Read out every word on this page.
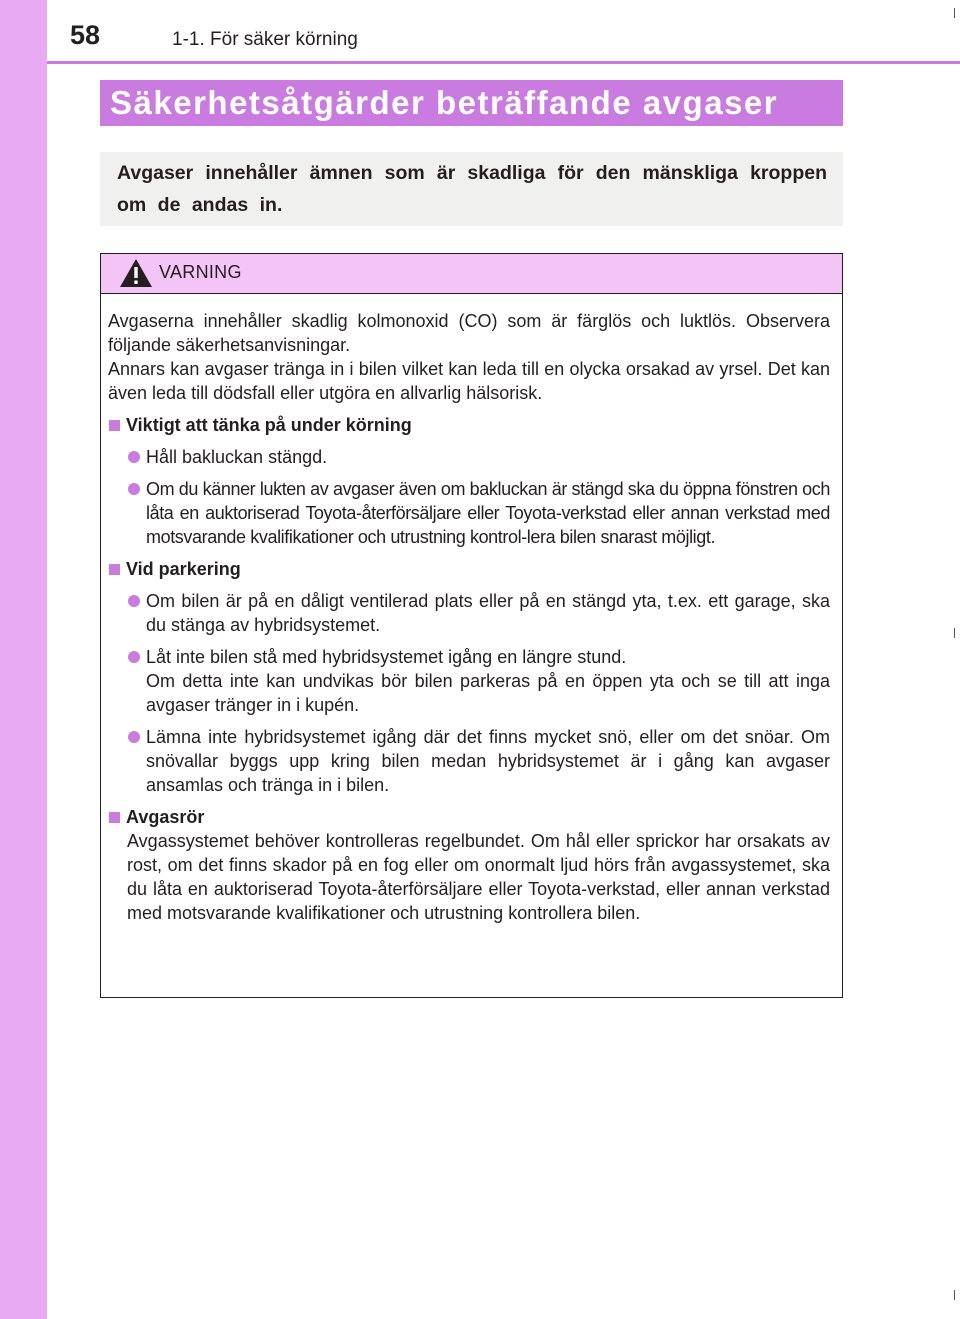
58	1-1. För säker körning
Säkerhetsåtgärder beträffande avgaser
Avgaser innehåller ämnen som är skadliga för den mänskliga kroppen om de andas in.
VARNING

Avgaserna innehåller skadlig kolmonoxid (CO) som är färglös och luktlös. Observera följande säkerhetsanvisningar.

Annars kan avgaser tränga in i bilen vilket kan leda till en olycka orsakad av yrsel. Det kan även leda till dödsfall eller utgöra en allvarlig hälsorisk.

Viktigt att tänka på under körning

Håll bakluckan stängd.

Om du känner lukten av avgaser även om bakluckan är stängd ska du öppna fönstren och låta en auktoriserad Toyota-återförsäljare eller Toyota-verkstad eller annan verkstad med motsvarande kvalifikationer och utrustning kontrol-lera bilen snarast möjligt.

Vid parkering

Om bilen är på en dåligt ventilerad plats eller på en stängd yta, t.ex. ett garage, ska du stänga av hybridsystemet.

Låt inte bilen stå med hybridsystemet igång en längre stund.

Om detta inte kan undvikas bör bilen parkeras på en öppen yta och se till att inga avgaser tränger in i kupén.

Lämna inte hybridsystemet igång där det finns mycket snö, eller om det snöar. Om snövallar byggs upp kring bilen medan hybridsystemet är i gång kan avgaser ansamlas och tränga in i bilen.

Avgasrör

Avgassystemet behöver kontrolleras regelbundet. Om hål eller sprickor har orsakats av rost, om det finns skador på en fog eller om onormalt ljud hörs från avgassystemet, ska du låta en auktoriserad Toyota-återförsäljare eller Toyota-verkstad, eller annan verkstad med motsvarande kvalifikationer och utrustning kontrollera bilen.
